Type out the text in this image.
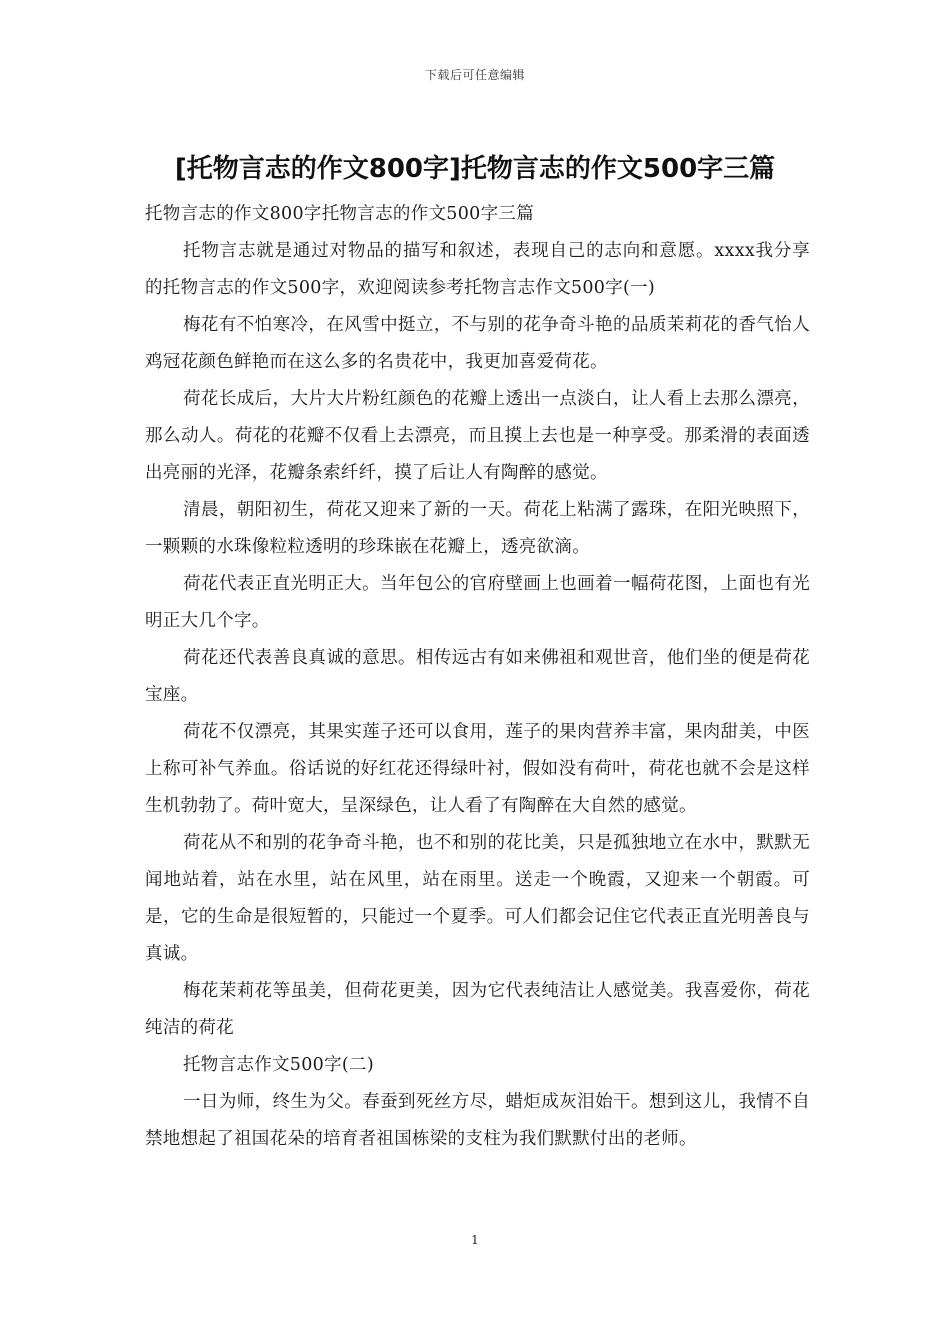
下载后可任意编辑
[托物言志的作文800字]托物言志的作文500字三篇

托物言志的作文800字托物言志的作文500字三篇

托物言志就是通过对物品的描写和叙述，表现自己的志向和意愿。xxxx我分享的托物言志的作文500字，欢迎阅读参考托物言志作文500字(一)

梅花有不怕寒冷，在风雪中挺立，不与别的花争奇斗艳的品质茉莉花的香气怡人鸡冠花颜色鲜艳而在这么多的名贵花中，我更加喜爱荷花。

荷花长成后，大片大片粉红颜色的花瓣上透出一点淡白，让人看上去那么漂亮，那么动人。荷花的花瓣不仅看上去漂亮，而且摸上去也是一种享受。那柔滑的表面透出亮丽的光泽，花瓣条索纤纤，摸了后让人有陶醉的感觉。

清晨，朝阳初生，荷花又迎来了新的一天。荷花上粘满了露珠，在阳光映照下，一颗颗的水珠像粒粒透明的珍珠嵌在花瓣上，透亮欲滴。

荷花代表正直光明正大。当年包公的官府壁画上也画着一幅荷花图，上面也有光明正大几个字。

荷花还代表善良真诚的意思。相传远古有如来佛祖和观世音，他们坐的便是荷花宝座。

荷花不仅漂亮，其果实莲子还可以食用，莲子的果肉营养丰富，果肉甜美，中医上称可补气养血。俗话说的好红花还得绿叶衬，假如没有荷叶，荷花也就不会是这样生机勃勃了。荷叶宽大，呈深绿色，让人看了有陶醉在大自然的感觉。

荷花从不和别的花争奇斗艳，也不和别的花比美，只是孤独地立在水中，默默无闻地站着，站在水里，站在风里，站在雨里。送走一个晚霞，又迎来一个朝霞。可是，它的生命是很短暂的，只能过一个夏季。可人们都会记住它代表正直光明善良与真诚。

梅花茉莉花等虽美，但荷花更美，因为它代表纯洁让人感觉美。我喜爱你，荷花纯洁的荷花

托物言志作文500字(二)

一日为师，终生为父。春蚕到死丝方尽，蜡炬成灰泪始干。想到这儿，我情不自禁地想起了祖国花朵的培育者祖国栋梁的支柱为我们默默付出的老师。

1
